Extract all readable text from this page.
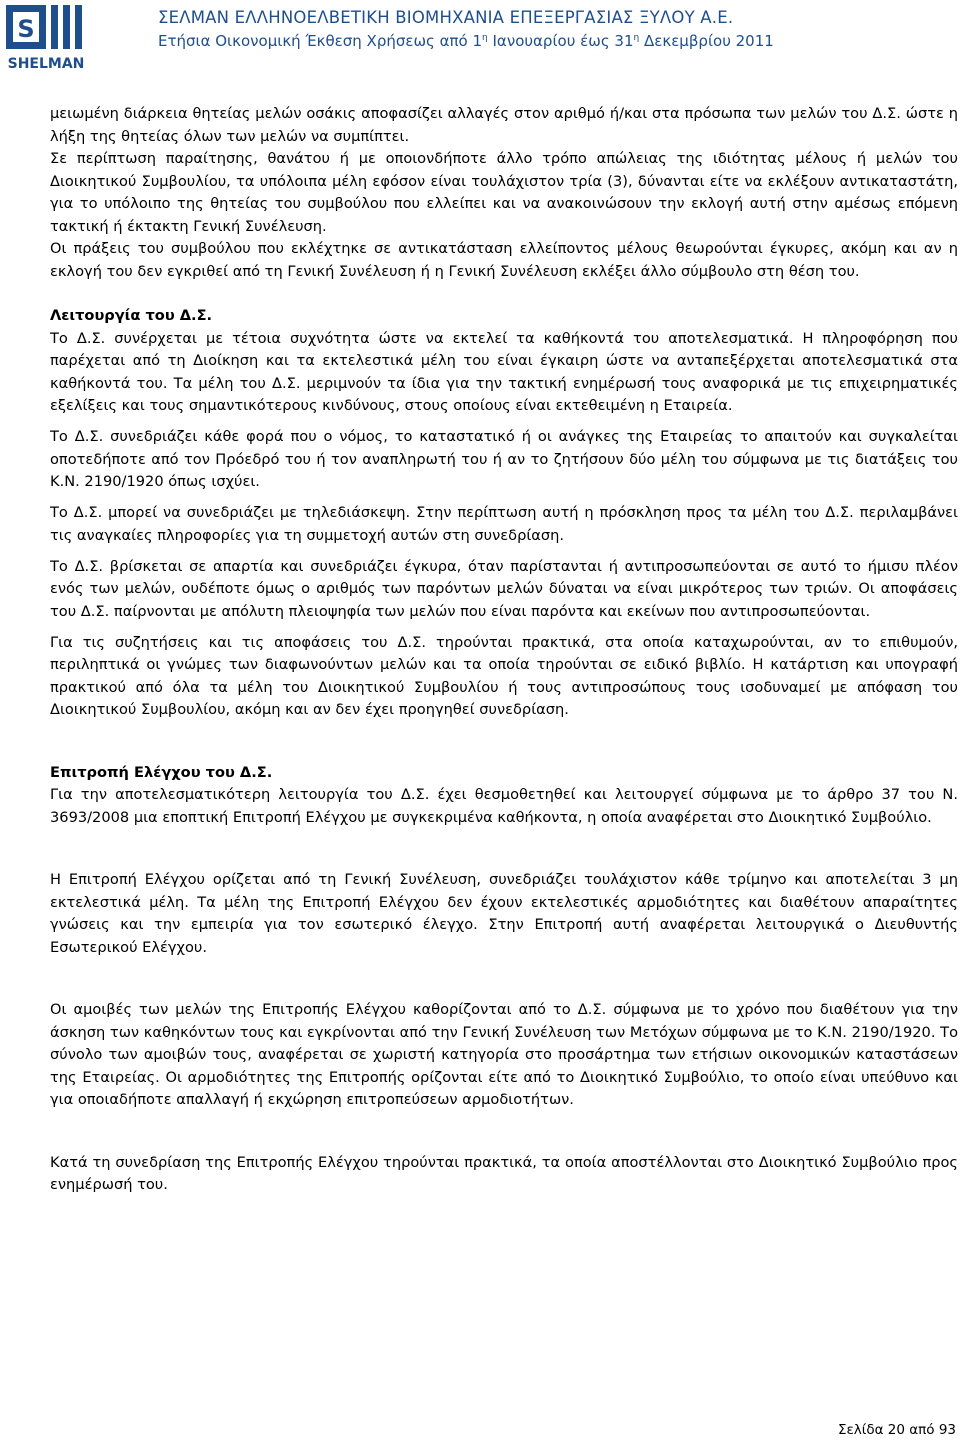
S
SHELMAN

ΣΕΛΜΑΝ ΕΛΛΗΝΟΕΛΒΕΤΙΚΗ ΒΙΟΜΗΧΑΝΙΑ ΕΠΕΞΕΡΓΑΣΙΑΣ ΞΥΛΟΥ Α.Ε.

Ετήσια Οικονομική Έκθεση Χρήσεως από $1^\eta$ Ιανουαρίου έως $31^\eta$ Δεκεμβρίου 2011

μειωμένη διάρκεια θητείας μελών οσάκις αποφασίζει αλλαγές στον αριθμό ή/και στα πρόσωπα των μελών του Δ.Σ. ώστε η λήξη της θητείας όλων των μελών να συμπίπτει.

Σε περίπτωση παραίτησης, θανάτου ή με οποιονδήποτε άλλο τρόπο απώλειας της ιδιότητας μέλους ή μελών του Διοικητικού Συμβουλίου, τα υπόλοιπα μέλη εφόσον είναι τουλάχιστον τρία (3), δύνανται είτε να εκλέξουν αντικαταστάτη, για το υπόλοιπο της θητείας του συμβούλου που ελλείπει και να ανακοινώσουν την εκλογή αυτή στην αμέσως επόμενη τακτική ή έκτακτη Γενική Συνέλευση.

Οι πράξεις του συμβούλου που εκλέχτηκε σε αντικατάσταση ελλείποντος μέλους θεωρούνται έγκυρες, ακόμη και αν η εκλογή του δεν εγκριθεί από τη Γενική Συνέλευση ή η Γενική Συνέλευση εκλέξει άλλο σύμβουλο στη θέση του.

Λειτουργία του Δ.Σ.

Το Δ.Σ. συνέρχεται με τέτοια συχνότητα ώστε να εκτελεί τα καθήκοντά του αποτελεσματικά. Η πληροφόρηση που παρέχεται από τη Διοίκηση και τα εκτελεστικά μέλη του είναι έγκαιρη ώστε να ανταπεξέρχεται αποτελεσματικά στα καθήκοντά του. Τα μέλη του Δ.Σ. μεριμνούν τα ίδια για την τακτική ενημέρωσή τους αναφορικά με τις επιχειρηματικές εξελίξεις και τους σημαντικότερους κινδύνους, στους οποίους είναι εκτεθειμένη η Εταιρεία.

Το Δ.Σ. συνεδριάζει κάθε φορά που ο νόμος, το καταστατικό ή οι ανάγκες της Εταιρείας το απαιτούν και συγκαλείται οποτεδήποτε από τον Πρόεδρό του ή τον αναπληρωτή του ή αν το ζητήσουν δύο μέλη του σύμφωνα με τις διατάξεις του Κ.Ν. 2190/1920 όπως ισχύει.

Το Δ.Σ. μπορεί να συνεδριάζει με τηλεδιάσκεψη. Στην περίπτωση αυτή η πρόσκληση προς τα μέλη του Δ.Σ. περιλαμβάνει τις αναγκαίες πληροφορίες για τη συμμετοχή αυτών στη συνεδρίαση.

Το Δ.Σ. βρίσκεται σε απαρτία και συνεδριάζει έγκυρα, όταν παρίστανται ή αντιπροσωπεύονται σε αυτό το ήμισυ πλέον ενός των μελών, ουδέποτε όμως ο αριθμός των παρόντων μελών δύναται να είναι μικρότερος των τριών. Οι αποφάσεις του Δ.Σ. παίρνονται με απόλυτη πλειοψηφία των μελών που είναι παρόντα και εκείνων που αντιπροσωπεύονται.

Για τις συζητήσεις και τις αποφάσεις του Δ.Σ. τηρούνται πρακτικά, στα οποία καταχωρούνται, αν το επιθυμούν, περιληπτικά οι γνώμες των διαφωνούντων μελών και τα οποία τηρούνται σε ειδικό βιβλίο. Η κατάρτιση και υπογραφή πρακτικού από όλα τα μέλη του Διοικητικού Συμβουλίου ή τους αντιπροσώπους τους ισοδυναμεί με απόφαση του Διοικητικού Συμβουλίου, ακόμη και αν δεν έχει προηγηθεί συνεδρίαση.

Επιτροπή Ελέγχου του Δ.Σ.

Για την αποτελεσματικότερη λειτουργία του Δ.Σ. έχει θεσμοθετηθεί και λειτουργεί σύμφωνα με το άρθρο 37 του Ν. 3693/2008 μια εποπτική Επιτροπή Ελέγχου με συγκεκριμένα καθήκοντα, η οποία αναφέρεται στο Διοικητικό Συμβούλιο.

Η Επιτροπή Ελέγχου ορίζεται από τη Γενική Συνέλευση, συνεδριάζει τουλάχιστον κάθε τρίμηνο και αποτελείται 3 μη εκτελεστικά μέλη. Τα μέλη της Επιτροπή Ελέγχου δεν έχουν εκτελεστικές αρμοδιότητες και διαθέτουν απαραίτητες γνώσεις και την εμπειρία για τον εσωτερικό έλεγχο. Στην Επιτροπή αυτή αναφέρεται λειτουργικά ο Διευθυντής Εσωτερικού Ελέγχου.

Οι αμοιβές των μελών της Επιτροπής Ελέγχου καθορίζονται από το Δ.Σ. σύμφωνα με το χρόνο που διαθέτουν για την άσκηση των καθηκόντων τους και εγκρίνονται από την Γενική Συνέλευση των Μετόχων σύμφωνα με το Κ.Ν. 2190/1920. Το σύνολο των αμοιβών τους, αναφέρεται σε χωριστή κατηγορία στο προσάρτημα των ετήσιων οικονομικών καταστάσεων της Εταιρείας. Οι αρμοδιότητες της Επιτροπής ορίζονται είτε από το Διοικητικό Συμβούλιο, το οποίο είναι υπεύθυνο και για οποιαδήποτε απαλλαγή ή εκχώρηση επιτροπεύσεων αρμοδιοτήτων.

Κατά τη συνεδρίαση της Επιτροπής Ελέγχου τηρούνται πρακτικά, τα οποία αποστέλλονται στο Διοικητικό Συμβούλιο προς ενημέρωσή του.

Σελίδα 20 από 93
